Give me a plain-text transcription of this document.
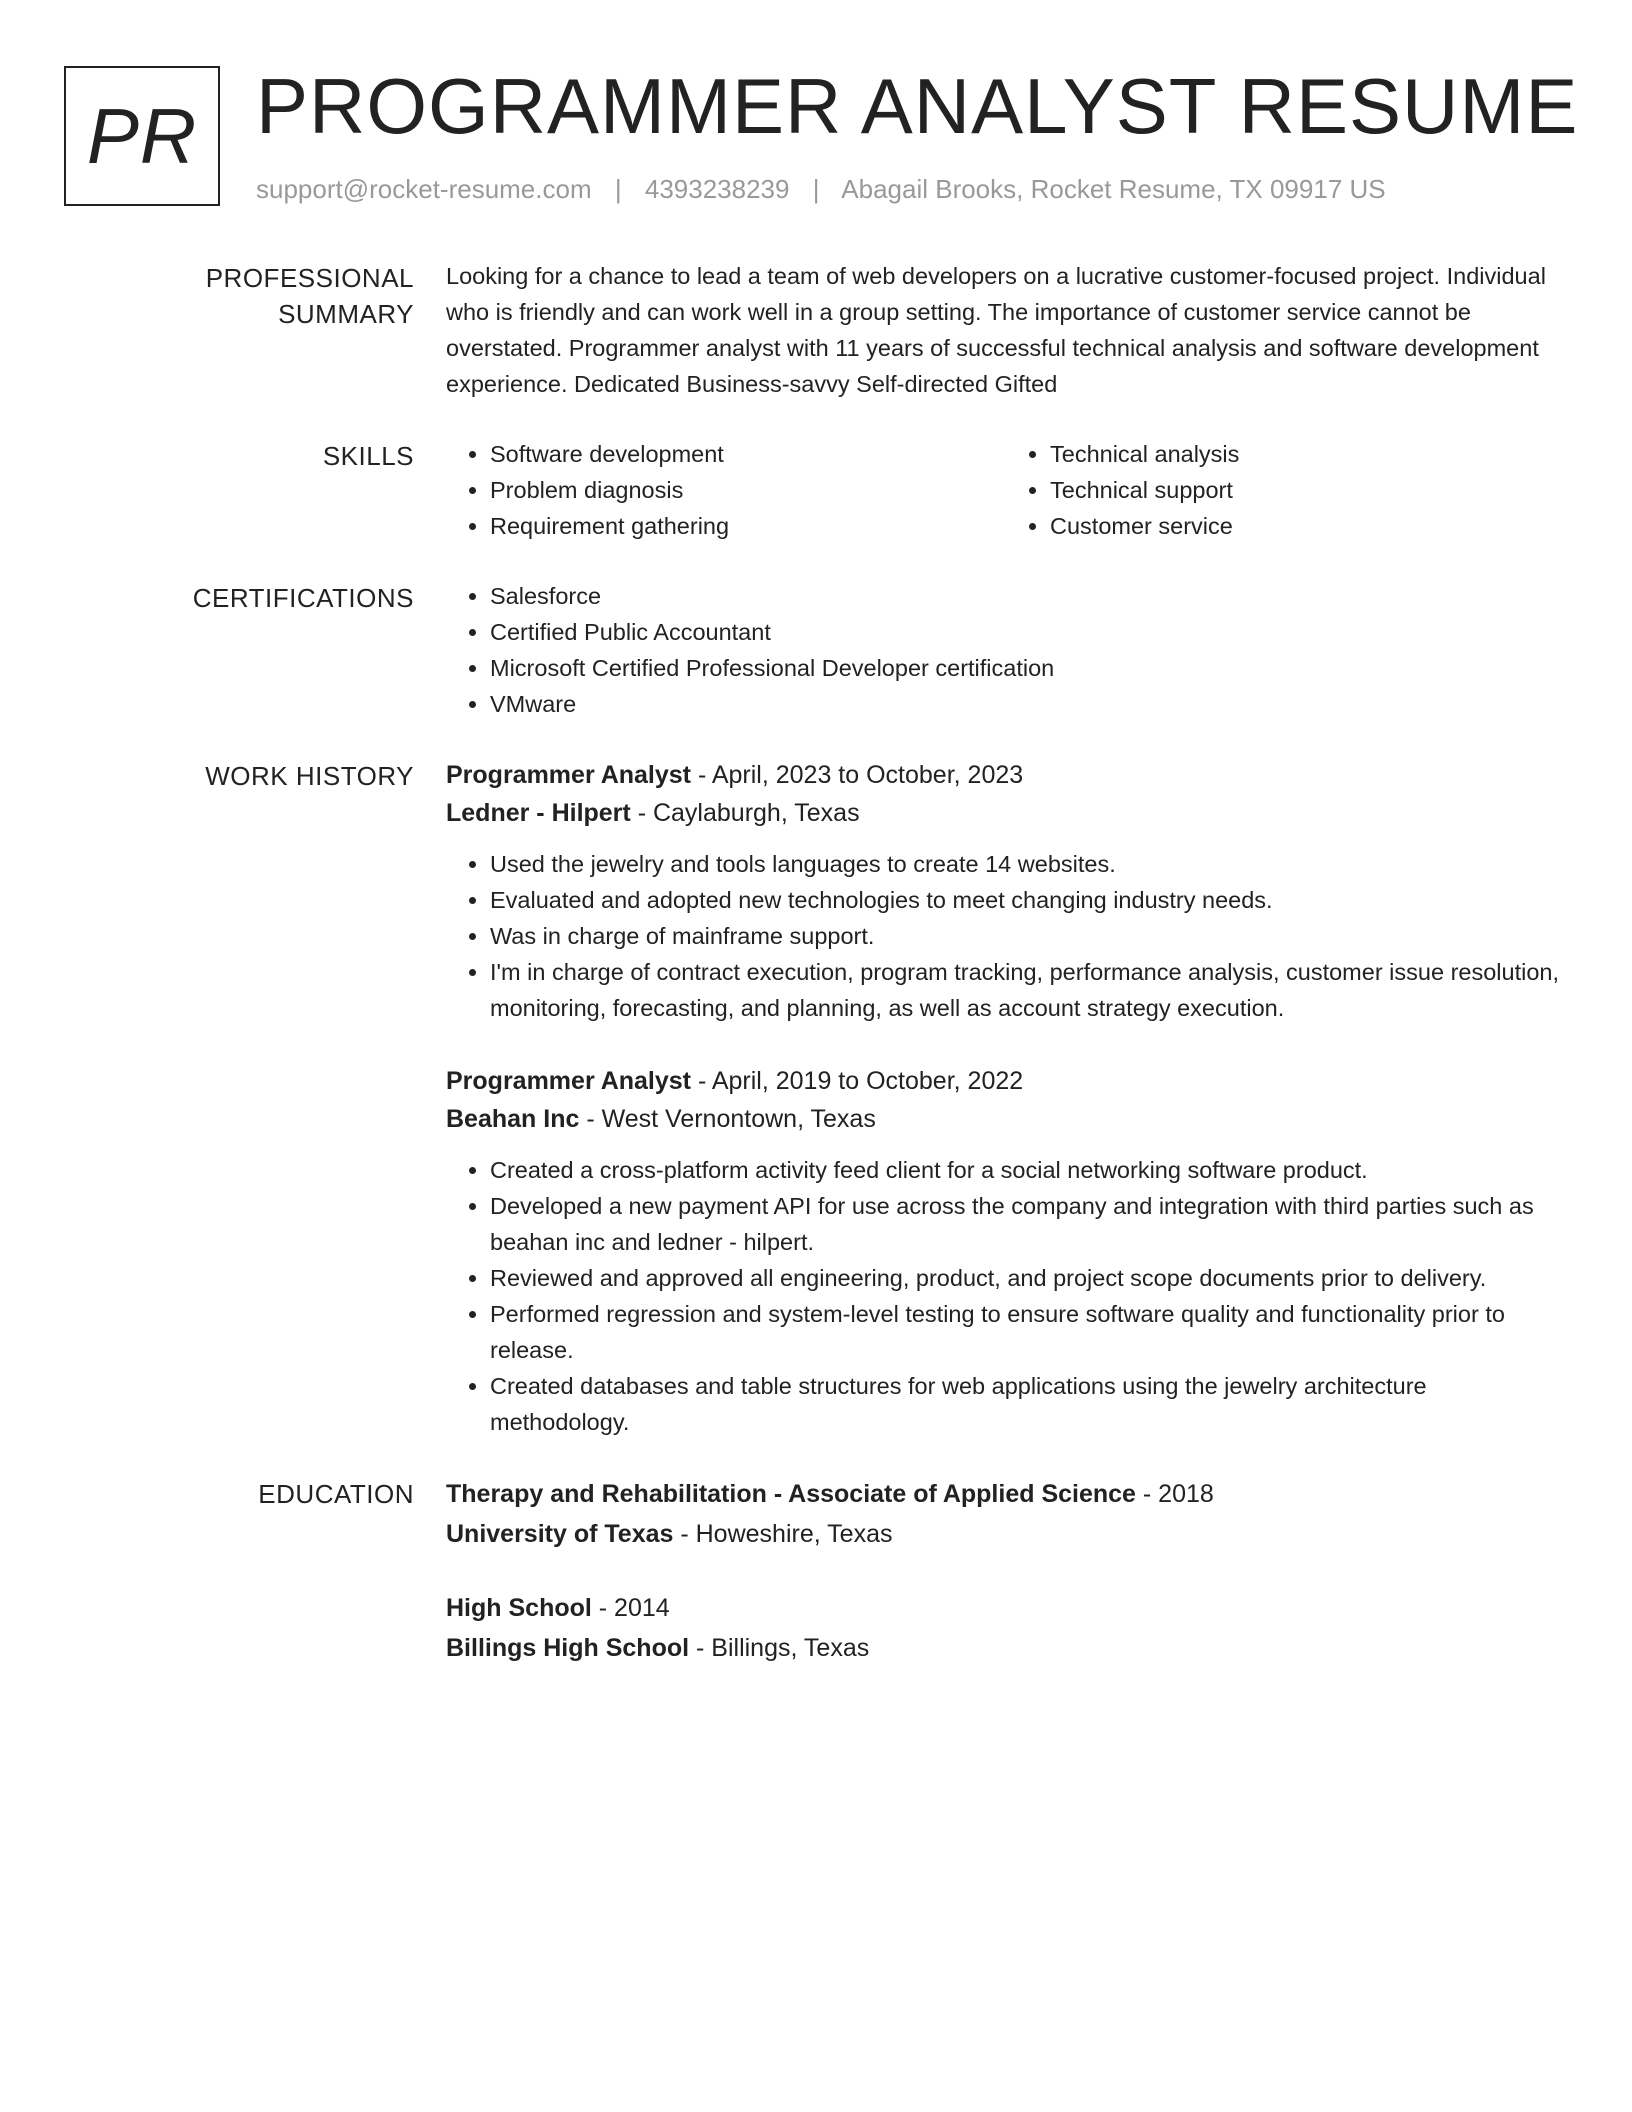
PR PROGRAMMER ANALYST RESUME
support@rocket-resume.com | 4393238239 | Abagail Brooks, Rocket Resume, TX 09917 US
PROFESSIONAL SUMMARY

Looking for a chance to lead a team of web developers on a lucrative customer-focused project. Individual who is friendly and can work well in a group setting. The importance of customer service cannot be overstated. Programmer analyst with 11 years of successful technical analysis and software development experience. Dedicated Business-savvy Self-directed Gifted

SKILLS	• Software development
• Problem diagnosis
• Requirement gathering
• Technical analysis
• Technical support
• Customer service
CERTIFICATIONS	• Salesforce
• Certified Public Accountant
• Microsoft Certified Professional Developer certification
• VMware
WORK HISTORY Programmer Analyst - April, 2023 to October, 2023
Ledner - Hilpert - Caylaburgh, Texas
• Used the jewelry and tools languages to create 14 websites.
• Evaluated and adopted new technologies to meet changing industry needs.
• Was in charge of mainframe support.
• I'm in charge of contract execution, program tracking, performance analysis, customer issue resolution, monitoring, forecasting, and planning, as well as account strategy execution.
Programmer Analyst - April, 2019 to October, 2022
Beahan Inc - West Vernontown, Texas
• Created a cross-platform activity feed client for a social networking software product.
• Developed a new payment API for use across the company and integration with third parties such as beahan inc and ledner - hilpert.
• Reviewed and approved all engineering, product, and project scope documents prior to delivery.
• Performed regression and system-level testing to ensure software quality and functionality prior to release.
• Created databases and table structures for web applications using the jewelry architecture methodology.
EDUCATION Therapy and Rehabilitation - Associate of Applied Science - 2018
University of Texas - Howeshire, Texas
High School - 2014
Billings High School - Billings, Texas
